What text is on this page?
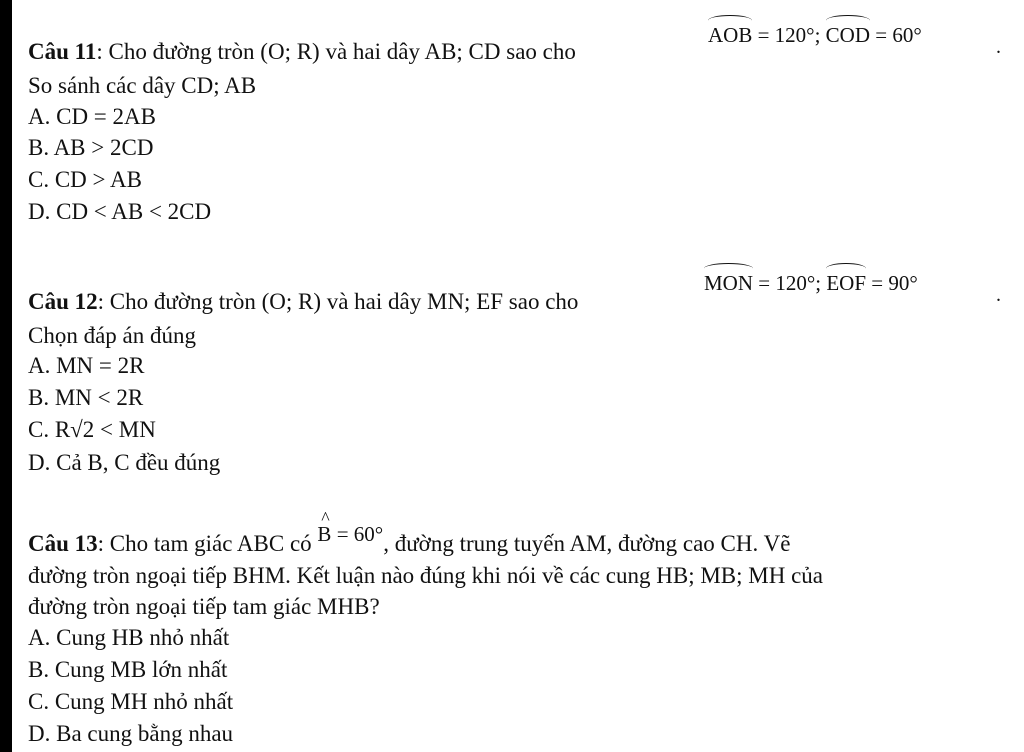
Câu 11: Cho đường tròn (O; R) và hai dây AB; CD sao cho
AOB = 120°; COD = 60°	.
So sánh các dây CD; AB
A. CD = 2AB
B. AB > 2CD
C. CD > AB
D. CD < AB < 2CD
Câu 12: Cho đường tròn (O; R) và hai dây MN; EF sao cho
MON = 120°; EOF = 90°	.
Chọn đáp án đúng
A. MN = 2R
B. MN < 2R
C. R√2 < MN
D. Cả B, C đều đúng
Câu 13: Cho tam giác ABC có ^ B = 60°, đường trung tuyến AM, đường cao CH. Vẽ
đường tròn ngoại tiếp BHM. Kết luận nào đúng khi nói về các cung HB; MB; MH của
đường tròn ngoại tiếp tam giác MHB?
A. Cung HB nhỏ nhất
B. Cung MB lớn nhất
C. Cung MH nhỏ nhất
D. Ba cung bằng nhau
